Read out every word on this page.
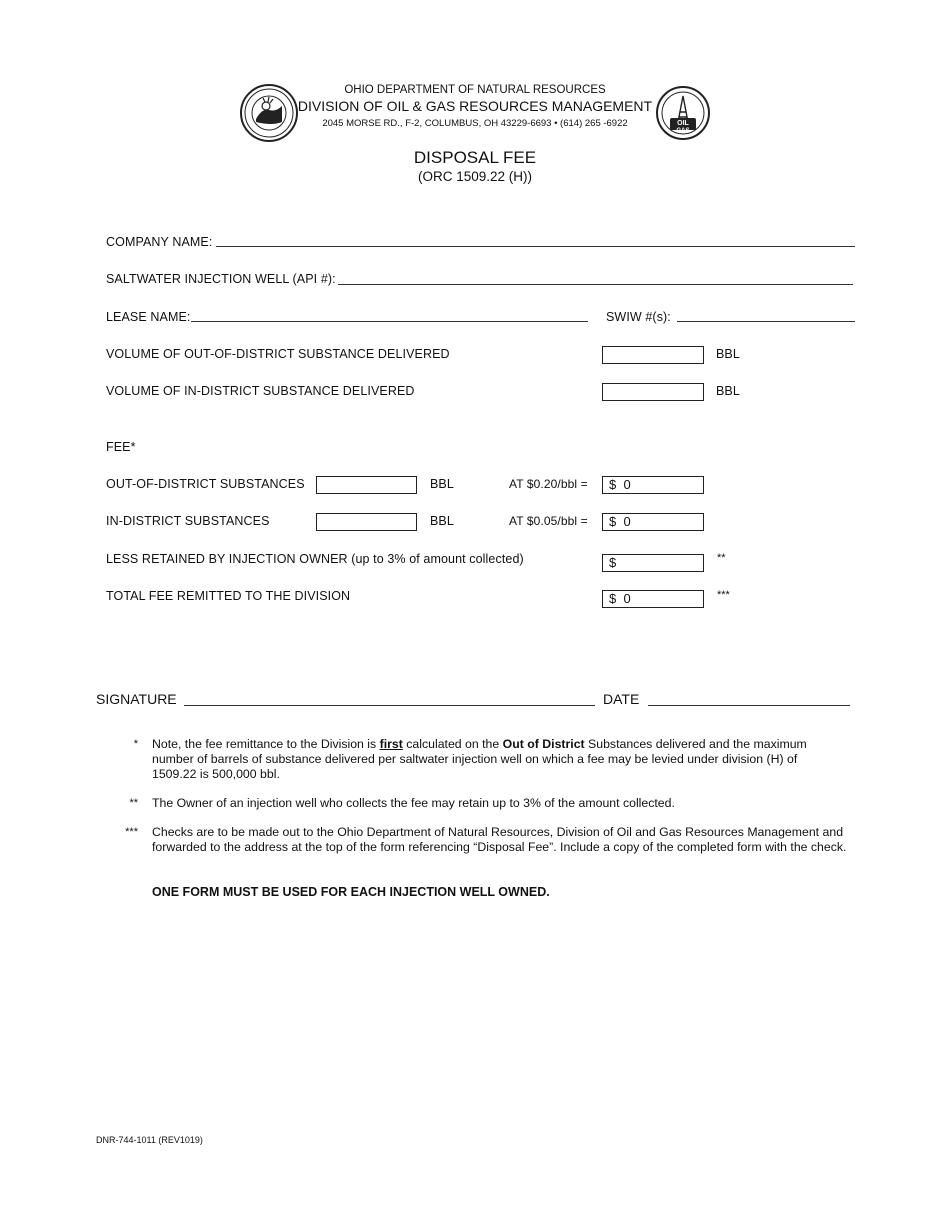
OHIO DEPARTMENT OF NATURAL RESOURCES
DIVISION OF OIL & GAS RESOURCES MANAGEMENT
2045 MORSE RD., F-2, COLUMBUS, OH 43229-6693 • (614) 265 -6922	OIL
GAS
DISPOSAL FEE
(ORC 1509.22 (H))
COMPANY NAME:
SALTWATER INJECTION WELL (API #):
LEASE NAME:	SWIW #(s):
VOLUME OF OUT-OF-DISTRICT SUBSTANCE DELIVERED	BBL
VOLUME OF IN-DISTRICT SUBSTANCE DELIVERED	BBL
FEE*
OUT-OF-DISTRICT SUBSTANCES	BBL	AT $0.20/bbl =	$  0
IN-DISTRICT SUBSTANCES	BBL	AT $0.05/bbl =	$  0
LESS RETAINED BY INJECTION OWNER (up to 3% of amount collected)	$	**
TOTAL FEE REMITTED TO THE DIVISION	$  0	***
SIGNATURE	DATE
* Note, the fee remittance to the Division is first calculated on the Out of District Substances delivered and the maximum number of barrels of substance delivered per saltwater injection well on which a fee may be levied under division (H) of 1509.22 is 500,000 bbl.
** The Owner of an injection well who collects the fee may retain up to 3% of the amount collected.
*** Checks are to be made out to the Ohio Department of Natural Resources, Division of Oil and Gas Resources Management and forwarded to the address at the top of the form referencing “Disposal Fee”. Include a copy of the completed form with the check.
ONE FORM MUST BE USED FOR EACH INJECTION WELL OWNED.
DNR-744-1011 (REV1019)
